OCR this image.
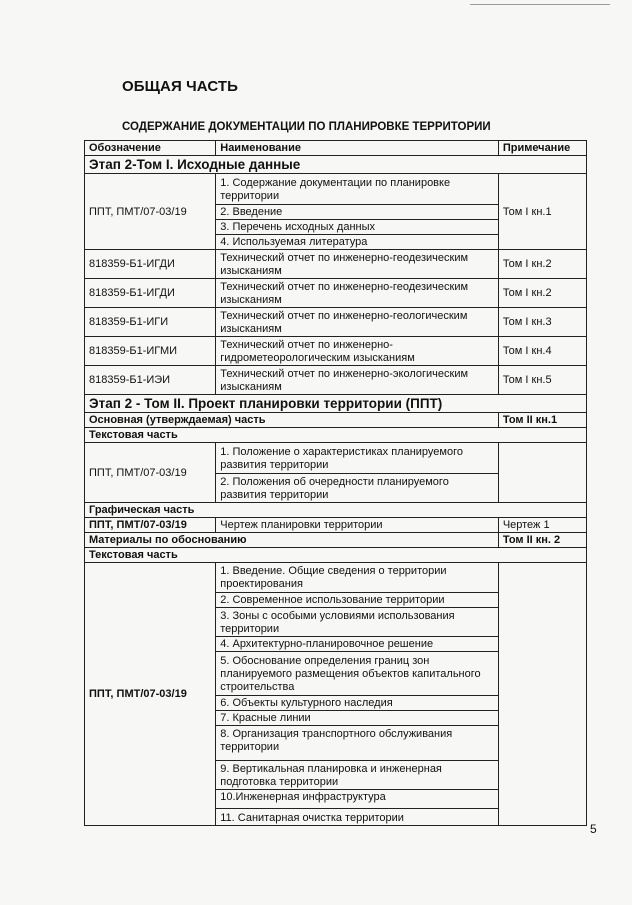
ОБЩАЯ ЧАСТЬ
СОДЕРЖАНИЕ ДОКУМЕНТАЦИИ ПО ПЛАНИРОВКЕ ТЕРРИТОРИИ
Обозначение	Наименование	Примечание
Этап 2-Том I. Исходные данные		
ППТ, ПМТ/07-03/19	1. Содержание документации по планировке территории	Том I кн.1
	2. Введение	
	3. Перечень исходных данных	
	4. Используемая литература	
818359-Б1-ИГДИ	Технический отчет по инженерно-геодезическим изысканиям	Том I кн.2
818359-Б1-ИГДИ	Технический отчет по инженерно-геодезическим изысканиям	Том I кн.2
818359-Б1-ИГИ	Технический отчет по инженерно-геологическим изысканиям	Том I кн.3
818359-Б1-ИГМИ	Технический отчет по инженерно-гидрометеорологическим изысканиям	Том I кн.4
818359-Б1-ИЭИ	Технический отчет по инженерно-экологическим изысканиям	Том I кн.5
Этап 2 - Том II. Проект планировки территории (ППТ)		
Основная (утверждаемая) часть		Том II кн.1
Текстовая часть		
ППТ, ПМТ/07-03/19	1. Положение о характеристиках планируемого развития территории	
	2. Положения об очередности планируемого развития территории	
Графическая часть		
ППТ, ПМТ/07-03/19	Чертеж планировки территории	Чертеж 1
Материалы по обоснованию		Том II кн. 2
Текстовая часть		
ППТ, ПМТ/07-03/19	1. Введение. Общие сведения о территории проектирования	
	2. Современное использование территории	
	3. Зоны с особыми условиями использования территории	
	4. Архитектурно-планировочное решение	
	5. Обоснование определения границ зон планируемого размещения объектов капитального строительства	
	6. Объекты культурного наследия	
	7. Красные линии	
	8. Организация транспортного обслуживания территории	
	9. Вертикальная планировка и инженерная подготовка территории	
	10.Инженерная инфраструктура	
	11. Санитарная очистка территории	
5
